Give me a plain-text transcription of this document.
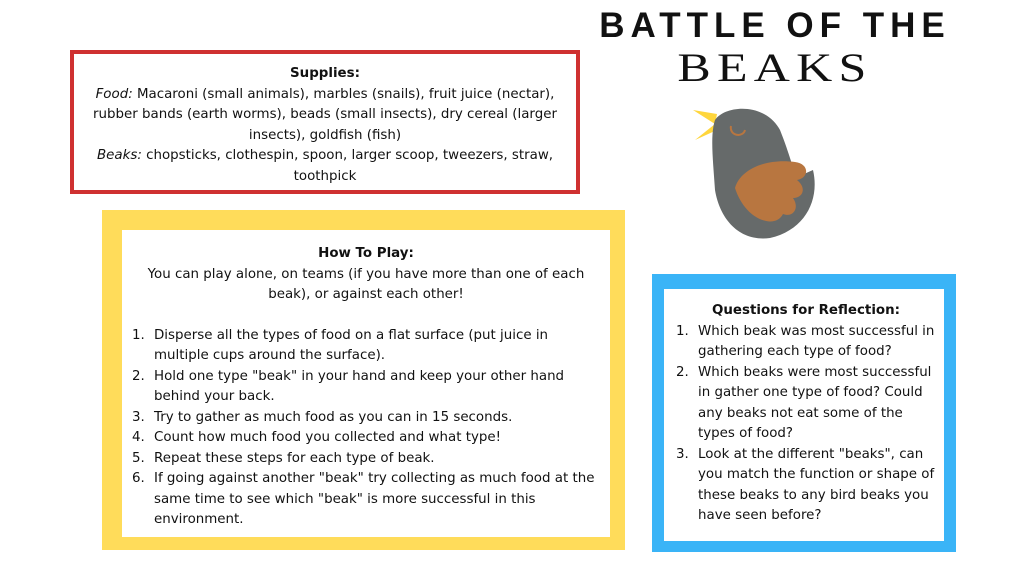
BATTLE OF THE
BEAKS
Supplies:
Food: Macaroni (small animals), marbles (snails), fruit juice (nectar), rubber bands (earth worms), beads (small insects), dry cereal (larger insects), goldfish (fish)
Beaks: chopsticks, clothespin, spoon, larger scoop, tweezers, straw, toothpick
How To Play:
You can play alone, on teams (if you have more than one of each beak), or against each other!
1. Disperse all the types of food on a flat surface (put juice in multiple cups around the surface).
2. Hold one type "beak" in your hand and keep your other hand behind your back.
3. Try to gather as much food as you can in 15 seconds.
4. Count how much food you collected and what type!
5. Repeat these steps for each type of beak.
6. If going against another "beak" try collecting as much food at the same time to see which "beak" is more successful in this environment.
Questions for Reflection:
1. Which beak was most successful in gathering each type of food?
2. Which beaks were most successful in gather one type of food? Could any beaks not eat some of the types of food?
3. Look at the different "beaks", can you match the function or shape of these beaks to any bird beaks you have seen before?
